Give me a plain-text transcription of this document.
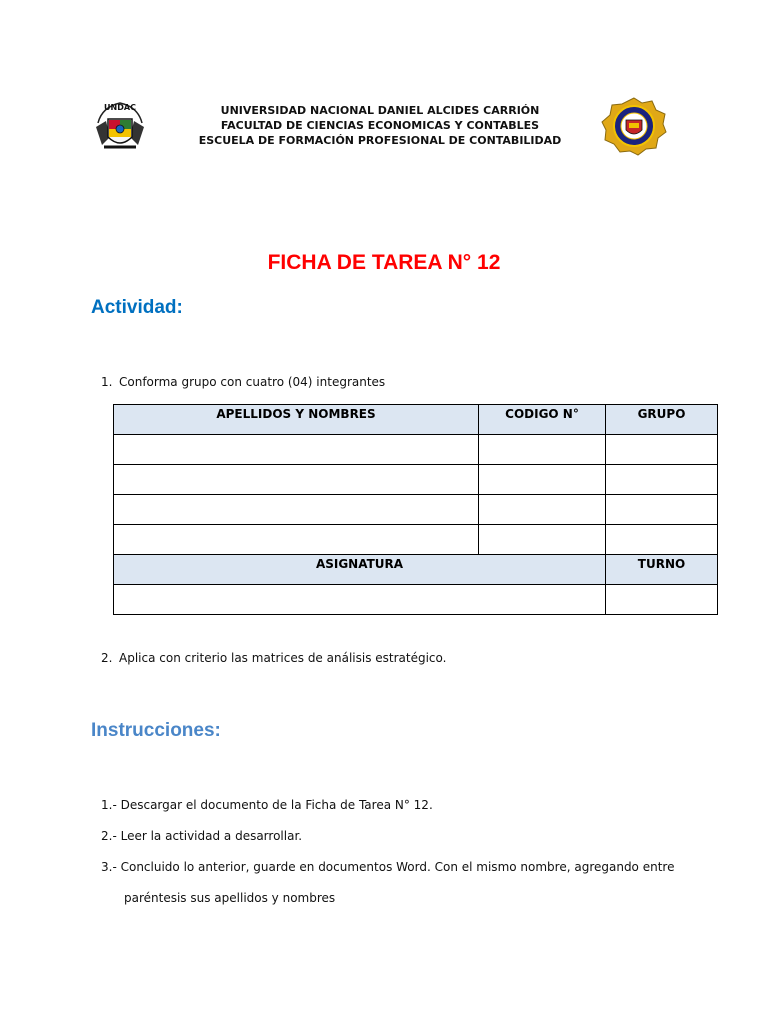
UNDAC	UNIVERSIDAD NACIONAL DANIEL ALCIDES CARRIÓN
FACULTAD DE CIENCIAS ECONOMICAS Y CONTABLES
ESCUELA DE FORMACIÓN PROFESIONAL DE CONTABILIDAD
FICHA DE TAREA N° 12
Actividad:
1. Conforma grupo con cuatro (04) integrantes
APELLIDOS Y NOMBRES	CODIGO N°	GRUPO

ASIGNATURA		TURNO

2. Aplica con criterio las matrices de análisis estratégico.
Instrucciones:
1.- Descargar el documento de la Ficha de Tarea N° 12.
2.- Leer la actividad a desarrollar.
3.- Concluido lo anterior, guarde en documentos Word. Con el mismo nombre, agregando entre
paréntesis sus apellidos y nombres
